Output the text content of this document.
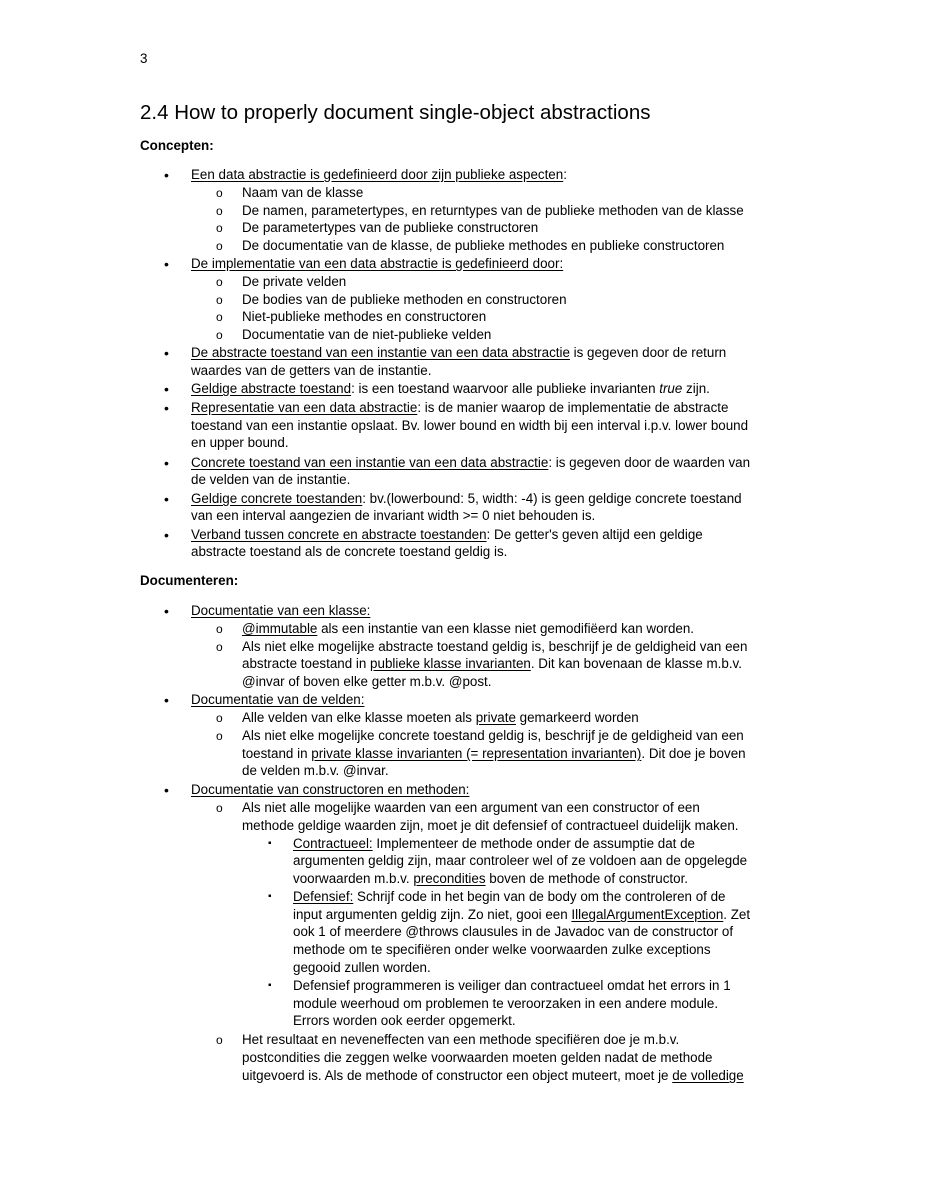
3
2.4 How to properly document single-object abstractions
Concepten:
Documenteren:
• Een data abstractie is gedefinieerd door zijn publieke aspecten:
o Naam van de klasse
o De namen, parametertypes, en returntypes van de publieke methoden van de klasse
o De parametertypes van de publieke constructoren
o De documentatie van de klasse, de publieke methodes en publieke constructoren
• De implementatie van een data abstractie is gedefinieerd door:
o De private velden
o De bodies van de publieke methoden en constructoren
o Niet-publieke methodes en constructoren
o Documentatie van de niet-publieke velden
• De abstracte toestand van een instantie van een data abstractie is gegeven door de return
waardes van de getters van de instantie.
• Geldige abstracte toestand: is een toestand waarvoor alle publieke invarianten true zijn.
• Representatie van een data abstractie: is de manier waarop de implementatie de abstracte
toestand van een instantie opslaat. Bv. lower bound en width bij een interval i.p.v. lower bound
en upper bound.
• Concrete toestand van een instantie van een data abstractie: is gegeven door de waarden van
de velden van de instantie.
• Geldige concrete toestanden: bv.(lowerbound: 5, width: -4) is geen geldige concrete toestand
van een interval aangezien de invariant width >= 0 niet behouden is.
• Verband tussen concrete en abstracte toestanden: De getter's geven altijd een geldige
abstracte toestand als de concrete toestand geldig is.
• Documentatie van een klasse:
o @immutable als een instantie van een klasse niet gemodifiëerd kan worden.
o Als niet elke mogelijke abstracte toestand geldig is, beschrijf je de geldigheid van een
abstracte toestand in publieke klasse invarianten. Dit kan bovenaan de klasse m.b.v.
@invar of boven elke getter m.b.v. @post.
• Documentatie van de velden:
o Alle velden van elke klasse moeten als private gemarkeerd worden
o Als niet elke mogelijke concrete toestand geldig is, beschrijf je de geldigheid van een
toestand in private klasse invarianten (= representation invarianten). Dit doe je boven
de velden m.b.v. @invar.
• Documentatie van constructoren en methoden:
o Als niet alle mogelijke waarden van een argument van een constructor of een
methode geldige waarden zijn, moet je dit defensief of contractueel duidelijk maken.
▪ Contractueel: Implementeer de methode onder de assumptie dat de
argumenten geldig zijn, maar controleer wel of ze voldoen aan de opgelegde
voorwaarden m.b.v. precondities boven de methode of constructor.
▪ Defensief: Schrijf code in het begin van de body om the controleren of de
input argumenten geldig zijn. Zo niet, gooi een IllegalArgumentException. Zet
ook 1 of meerdere @throws clausules in de Javadoc van de constructor of
methode om te specifiëren onder welke voorwaarden zulke exceptions
gegooid zullen worden.
▪ Defensief programmeren is veiliger dan contractueel omdat het errors in 1
module weerhoud om problemen te veroorzaken in een andere module.
Errors worden ook eerder opgemerkt.
o Het resultaat en neveneffecten van een methode specifiëren doe je m.b.v.
postcondities die zeggen welke voorwaarden moeten gelden nadat de methode
uitgevoerd is. Als de methode of constructor een object muteert, moet je de volledige
